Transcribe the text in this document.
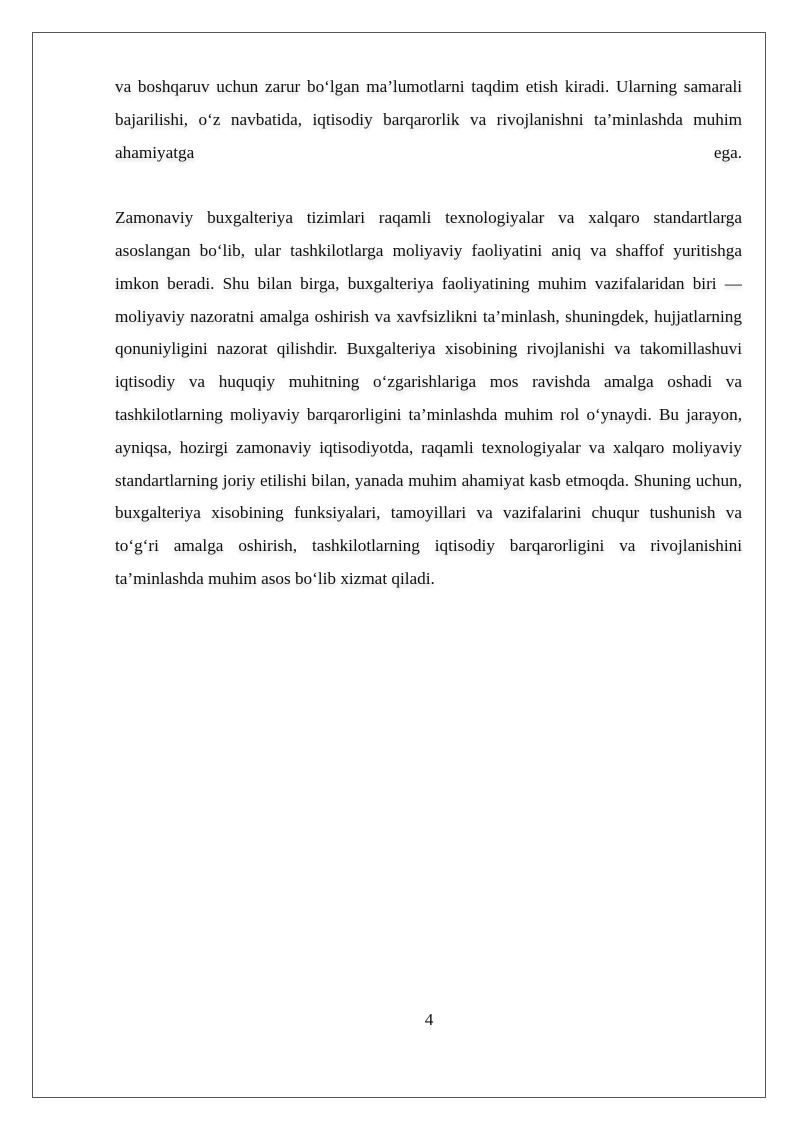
va boshqaruv uchun zarur bo‘lgan ma’lumotlarni taqdim etish kiradi. Ularning samarali bajarilishi, o‘z navbatida, iqtisodiy barqarorlik va rivojlanishni ta’minlashda muhim ahamiyatga ega.

Zamonaviy buxgalteriya tizimlari raqamli texnologiyalar va xalqaro standartlarga asoslangan bo‘lib, ular tashkilotlarga moliyaviy faoliyatini aniq va shaffof yuritishga imkon beradi. Shu bilan birga, buxgalteriya faoliyatining muhim vazifalaridan biri — moliyaviy nazoratni amalga oshirish va xavfsizlikni ta’minlash, shuningdek, hujjatlarning qonuniyligini nazorat qilishdir. Buxgalteriya xisobining rivojlanishi va takomillashuvi iqtisodiy va huquqiy muhitning o‘zgarishlariga mos ravishda amalga oshadi va tashkilotlarning moliyaviy barqarorligini ta’minlashda muhim rol o‘ynaydi. Bu jarayon, ayniqsa, hozirgi zamonaviy iqtisodiyotda, raqamli texnologiyalar va xalqaro moliyaviy standartlarning joriy etilishi bilan, yanada muhim ahamiyat kasb etmoqda. Shuning uchun, buxgalteriya xisobining funksiyalari, tamoyillari va vazifalarini chuqur tushunish va to‘g‘ri amalga oshirish, tashkilotlarning iqtisodiy barqarorligini va rivojlanishini ta’minlashda muhim asos bo‘lib xizmat qiladi.

4
